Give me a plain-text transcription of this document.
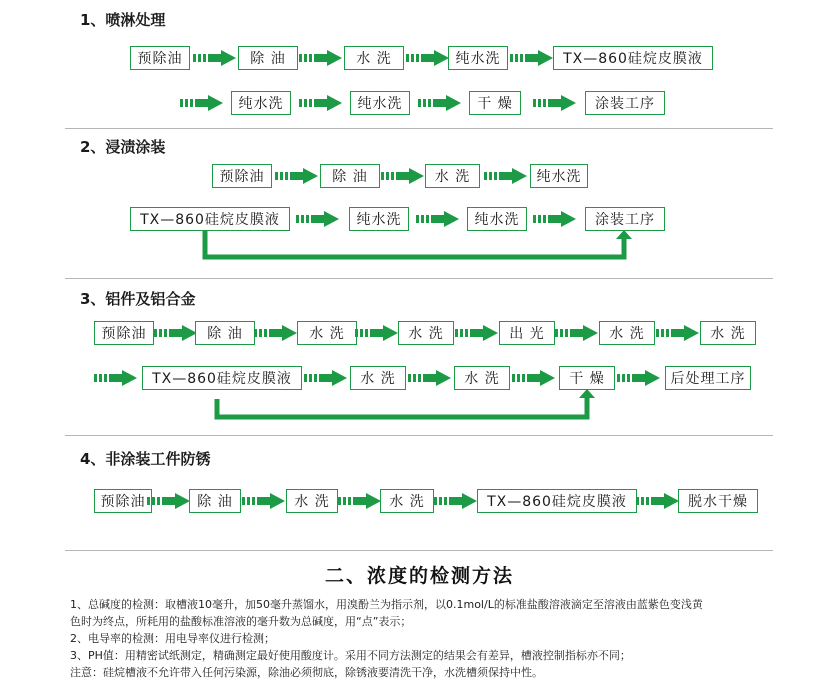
1、喷淋处理
2、浸渍涂装
3、铝件及铝合金
4、非涂装工件防锈
预除油	除 油	水 洗	纯水洗	TX—860硅烷皮膜液
纯水洗	纯水洗	干 燥	涂装工序
预除油	除 油	水 洗	纯水洗
TX—860硅烷皮膜液	纯水洗	纯水洗	涂装工序
预除油	除 油	水 洗	水 洗	出 光	水 洗	水 洗
TX—860硅烷皮膜液	水 洗	水 洗	干 燥	后处理工序
预除油	除 油	水 洗	水 洗	TX—860硅烷皮膜液	脱水干燥
二、浓度的检测方法
1、总碱度的检测：取槽液10毫升，加50毫升蒸馏水，用溴酚兰为指示剂，以0.1mol/L的标准盐酸溶液滴定至溶液由蓝紫色变浅黄
色时为终点，所耗用的盐酸标准溶液的毫升数为总碱度，用“点”表示；
2、电导率的检测：用电导率仪进行检测；
3、PH值：用精密试纸测定，精确测定最好使用酸度计。采用不同方法测定的结果会有差异，槽液控制指标亦不同；
注意：硅烷槽液不允许带入任何污染源，除油必须彻底，除锈液要清洗干净，水洗槽须保持中性。
